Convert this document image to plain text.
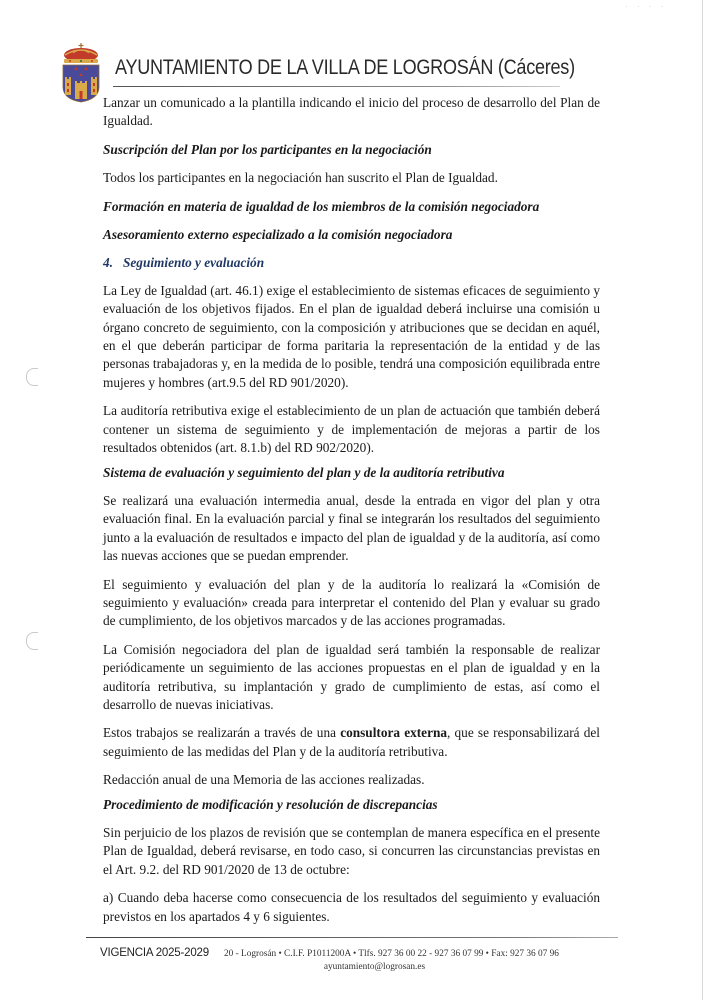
· · · ·
AYUNTAMIENTO DE LA VILLA DE LOGROSÁN (Cáceres)

Lanzar un comunicado a la plantilla indicando el inicio del proceso de desarrollo del Plan de Igualdad.

Suscripción del Plan por los participantes en la negociación

Todos los participantes en la negociación han suscrito el Plan de Igualdad.

Formación en materia de igualdad de los miembros de la comisión negociadora
Asesoramiento externo especializado a la comisión negociadora
4. Seguimiento y evaluación

La Ley de Igualdad (art. 46.1) exige el establecimiento de sistemas eficaces de seguimiento y evaluación de los objetivos fijados. En el plan de igualdad deberá incluirse una comisión u órgano concreto de seguimiento, con la composición y atribuciones que se decidan en aquél, en el que deberán participar de forma paritaria la representación de la entidad y de las personas trabajadoras y, en la medida de lo posible, tendrá una composición equilibrada entre mujeres y hombres (art.9.5 del RD 901/2020).

La auditoría retributiva exige el establecimiento de un plan de actuación que también deberá contener un sistema de seguimiento y de implementación de mejoras a partir de los resultados obtenidos (art. 8.1.b) del RD 902/2020).

Sistema de evaluación y seguimiento del plan y de la auditoría retributiva

Se realizará una evaluación intermedia anual, desde la entrada en vigor del plan y otra evaluación final. En la evaluación parcial y final se integrarán los resultados del seguimiento junto a la evaluación de resultados e impacto del plan de igualdad y de la auditoría, así como las nuevas acciones que se puedan emprender.

El seguimiento y evaluación del plan y de la auditoría lo realizará la «Comisión de seguimiento y evaluación» creada para interpretar el contenido del Plan y evaluar su grado de cumplimiento, de los objetivos marcados y de las acciones programadas.

La Comisión negociadora del plan de igualdad será también la responsable de realizar periódicamente un seguimiento de las acciones propuestas en el plan de igualdad y en la auditoría retributiva, su implantación y grado de cumplimiento de estas, así como el desarrollo de nuevas iniciativas.

Estos trabajos se realizarán a través de una consultora externa, que se responsabilizará del seguimiento de las medidas del Plan y de la auditoría retributiva.

Redacción anual de una Memoria de las acciones realizadas.

Procedimiento de modificación y resolución de discrepancias

Sin perjuicio de los plazos de revisión que se contemplan de manera específica en el presente Plan de Igualdad, deberá revisarse, en todo caso, si concurren las circunstancias previstas en el Art. 9.2. del RD 901/2020 de 13 de octubre:

a) Cuando deba hacerse como consecuencia de los resultados del seguimiento y evaluación previstos en los apartados 4 y 6 siguientes.

20 - Logrosán • C.I.F. P1011200A • Tlfs. 927 36 00 22 - 927 36 07 99 • Fax: 927 36 07 96
VIGENCIA 2025-2029
ayuntamiento@logrosan.es
